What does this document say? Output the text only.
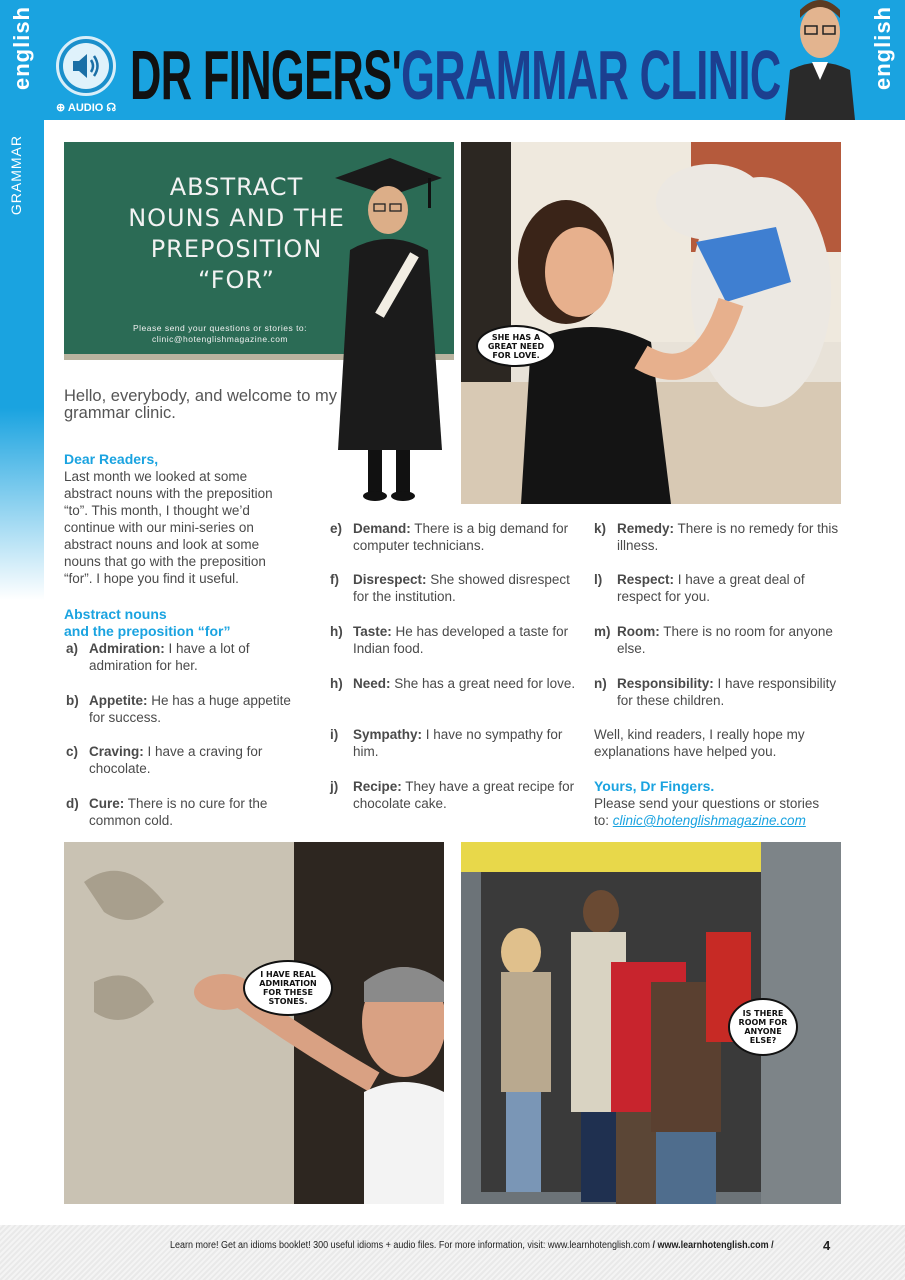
english	english
GRAMMAR
⊕ AUDIO ☊ DR FINGERS'GRAMMAR CLINIC
ABSTRACT
NOUNS AND THE
PREPOSITION
“FOR”
Please send your questions or stories to:
clinic@hotenglishmagazine.com	SHE HAS A GREAT NEED FOR LOVE.
Hello, everybody, and welcome to my grammar clinic.
Dear Readers,
Last month we looked at some
abstract nouns with the preposition
“to”. This month, I thought we’d
continue with our mini-series on
abstract nouns and look at some
nouns that go with the preposition
“for”. I hope you find it useful.
Abstract nouns
and the preposition “for”
a) Admiration: I have a lot of admiration for her.
b) Appetite: He has a huge appetite for success.
c) Craving: I have a craving for chocolate.
d) Cure: There is no cure for the common cold.
e) Demand: There is a big demand for computer technicians.
f) Disrespect: She showed disrespect for the institution.
h) Taste: He has developed a taste for Indian food.
h) Need: She has a great need for love.
i) Sympathy: I have no sympathy for him.
j) Recipe: They have a great recipe for chocolate cake.
k) Remedy: There is no remedy for this illness.
l) Respect: I have a great deal of respect for you.
m) Room: There is no room for anyone else.
n) Responsibility: I have responsibility for these children.
Well, kind readers, I really hope my explanations have helped you.
Yours, Dr Fingers.
Please send your questions or stories
to: clinic@hotenglishmagazine.com
I HAVE REAL ADMIRATION FOR THESE STONES.
IS THERE ROOM FOR ANYONE ELSE?
Learn more! Get an idioms booklet! 300 useful idioms + audio files. For more information, visit: www.learnhotenglish.com / www.learnhotenglish.com /	4
